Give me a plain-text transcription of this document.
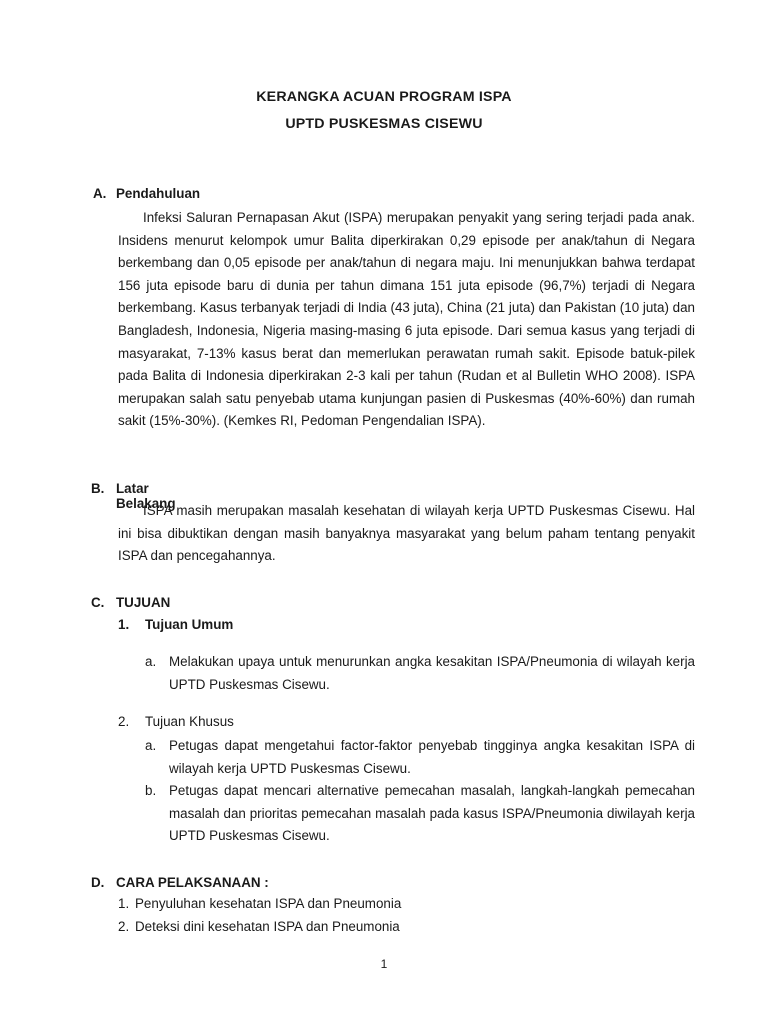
KERANGKA ACUAN PROGRAM ISPA
UPTD PUSKESMAS CISEWU
A. Pendahuluan
Infeksi Saluran Pernapasan Akut (ISPA) merupakan penyakit yang sering terjadi pada anak. Insidens menurut kelompok umur Balita diperkirakan 0,29 episode per anak/tahun di Negara berkembang dan 0,05 episode per anak/tahun di negara maju. Ini menunjukkan bahwa terdapat 156 juta episode baru di dunia per tahun dimana 151 juta episode (96,7%) terjadi di Negara berkembang. Kasus terbanyak terjadi di India (43 juta), China (21 juta) dan Pakistan (10 juta) dan Bangladesh, Indonesia, Nigeria masing-masing 6 juta episode. Dari semua kasus yang terjadi di masyarakat, 7-13% kasus berat dan memerlukan perawatan rumah sakit. Episode batuk-pilek pada Balita di Indonesia diperkirakan 2-3 kali per tahun (Rudan et al Bulletin WHO 2008). ISPA merupakan salah satu penyebab utama kunjungan pasien di Puskesmas (40%-60%) dan rumah sakit (15%-30%). (Kemkes RI, Pedoman Pengendalian ISPA).
B. Latar Belakang
ISPA masih merupakan masalah kesehatan di wilayah kerja UPTD Puskesmas Cisewu. Hal ini bisa dibuktikan dengan masih banyaknya masyarakat yang belum paham tentang penyakit ISPA dan pencegahannya.
C. TUJUAN
1. Tujuan Umum
a. Melakukan upaya untuk menurunkan angka kesakitan ISPA/Pneumonia di wilayah kerja UPTD Puskesmas Cisewu.
2. Tujuan Khusus
a. Petugas dapat mengetahui factor-faktor penyebab tingginya angka kesakitan ISPA di wilayah kerja UPTD Puskesmas Cisewu.
b. Petugas dapat mencari alternative pemecahan masalah, langkah-langkah pemecahan masalah dan prioritas pemecahan masalah pada kasus ISPA/Pneumonia diwilayah kerja UPTD Puskesmas Cisewu.
D. CARA PELAKSANAAN :
1. Penyuluhan kesehatan ISPA dan Pneumonia
2. Deteksi dini kesehatan ISPA dan Pneumonia
1
